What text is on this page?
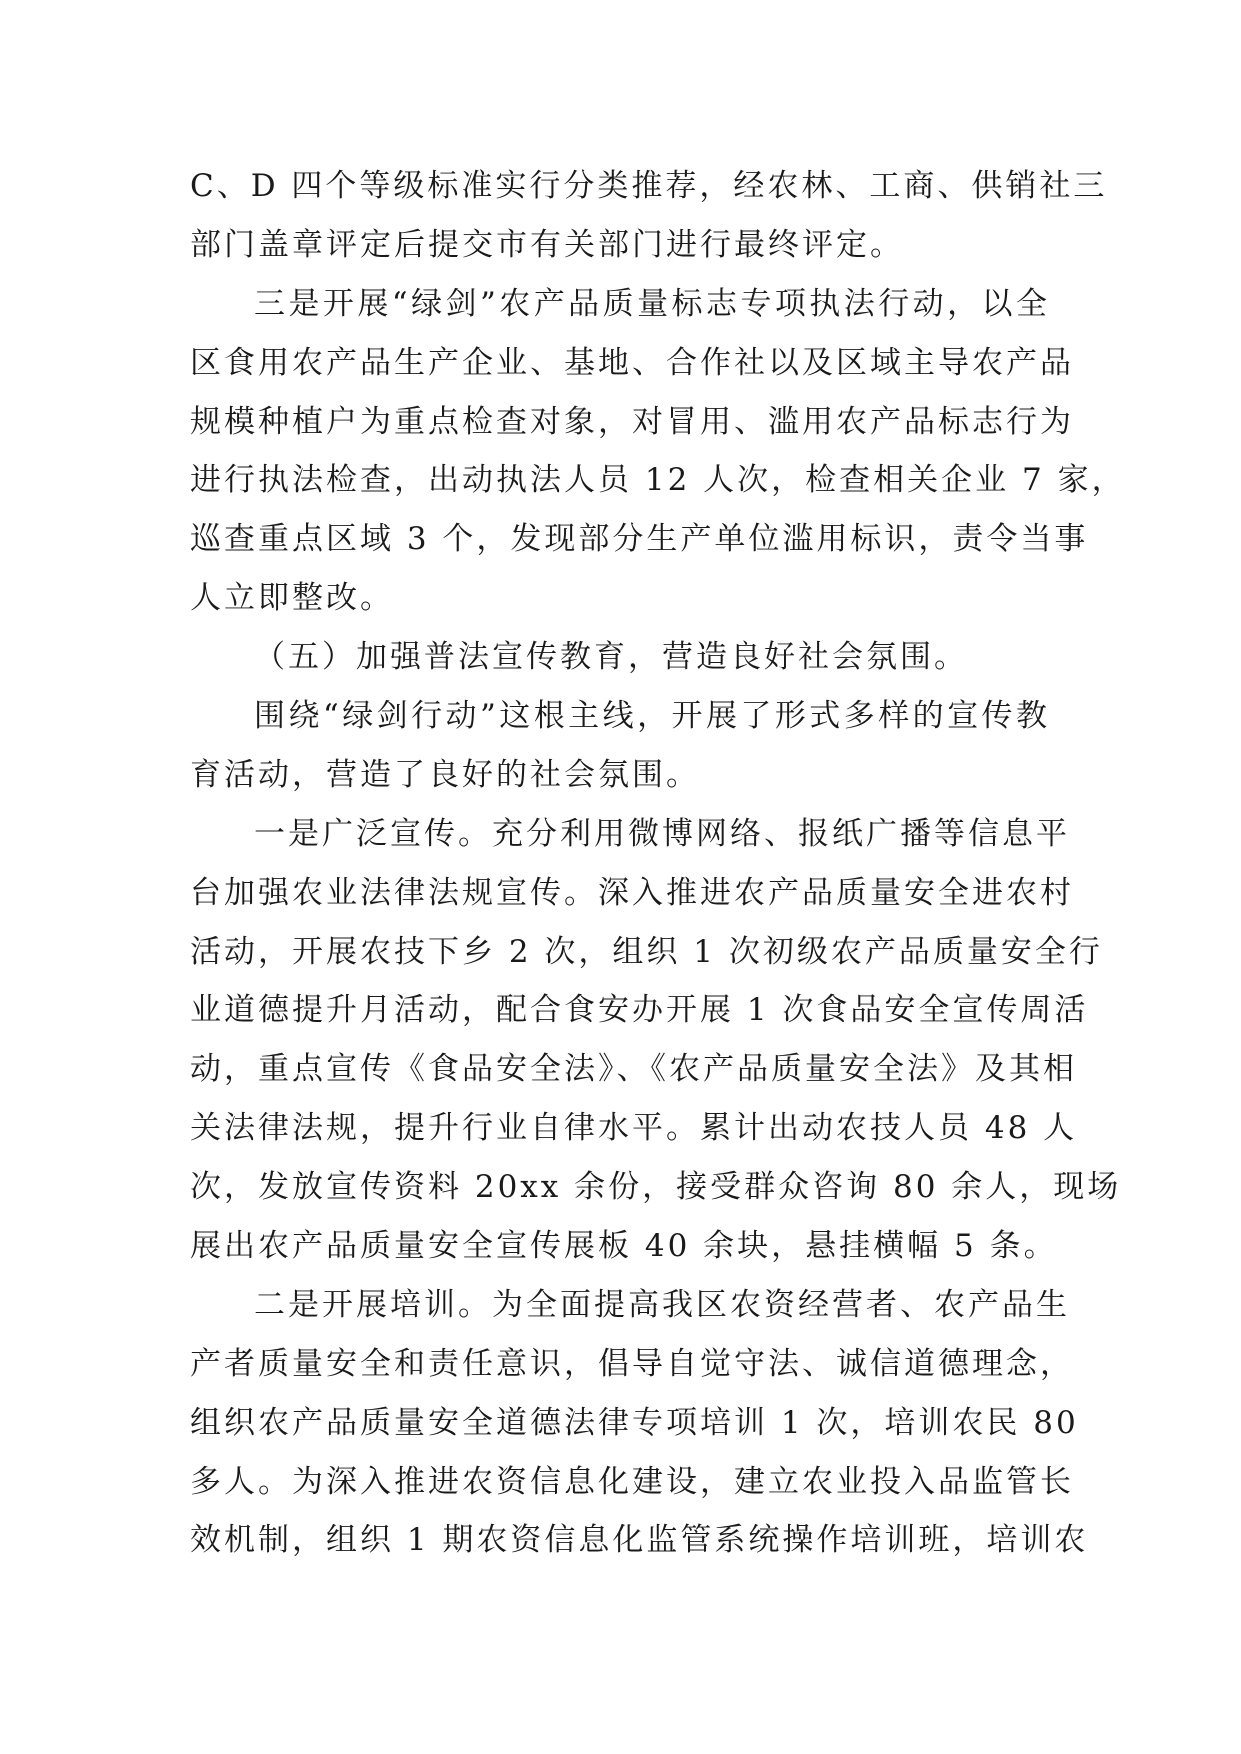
C、D 四个等级标准实行分类推荐，经农林、工商、供销社三
部门盖章评定后提交市有关部门进行最终评定。
三是开展“绿剑”农产品质量标志专项执法行动，以全
区食用农产品生产企业、基地、合作社以及区域主导农产品
规模种植户为重点检查对象，对冒用、滥用农产品标志行为
进行执法检查，出动执法人员 12 人次，检查相关企业 7 家，
巡查重点区域 3 个，发现部分生产单位滥用标识，责令当事
人立即整改。
（五）加强普法宣传教育，营造良好社会氛围。
围绕“绿剑行动”这根主线，开展了形式多样的宣传教
育活动，营造了良好的社会氛围。
一是广泛宣传。充分利用微博网络、报纸广播等信息平
台加强农业法律法规宣传。深入推进农产品质量安全进农村
活动，开展农技下乡 2 次，组织 1 次初级农产品质量安全行
业道德提升月活动，配合食安办开展 1 次食品安全宣传周活
动，重点宣传《食品安全法》、《农产品质量安全法》及其相
关法律法规，提升行业自律水平。累计出动农技人员 48 人
次，发放宣传资料 20xx 余份，接受群众咨询 80 余人，现场
展出农产品质量安全宣传展板 40 余块，悬挂横幅 5 条。
二是开展培训。为全面提高我区农资经营者、农产品生
产者质量安全和责任意识，倡导自觉守法、诚信道德理念，
组织农产品质量安全道德法律专项培训 1 次，培训农民 80
多人。为深入推进农资信息化建设，建立农业投入品监管长
效机制，组织 1 期农资信息化监管系统操作培训班，培训农
